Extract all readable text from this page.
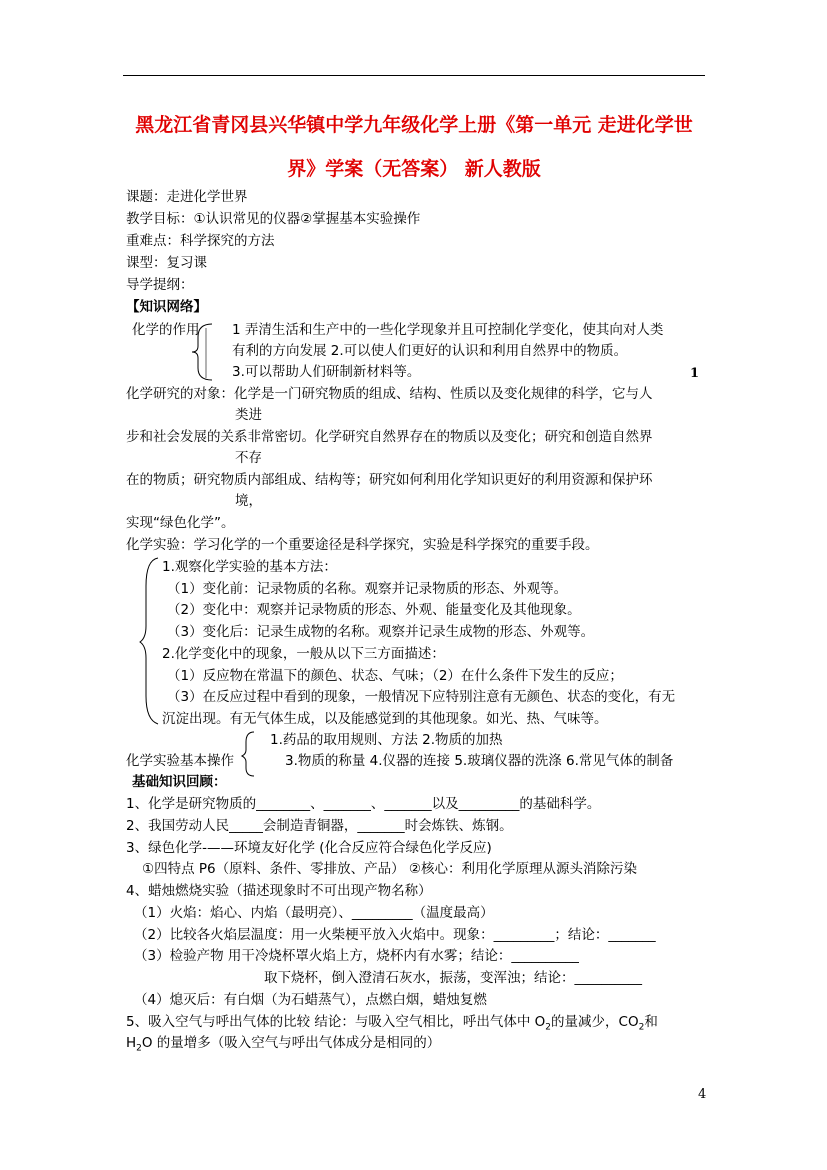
黑龙江省青冈县兴华镇中学九年级化学上册《第一单元 走进化学世
界》学案（无答案） 新人教版
课题：走进化学世界
教学目标：①认识常见的仪器②掌握基本实验操作
重难点：科学探究的方法
课型：复习课
导学提纲：
【知识网络】
化学的作用 1 弄清生活和生产中的一些化学现象并且可控制化学变化，使其向对人类
有利的方向发展 2.可以使人们更好的认识和利用自然界中的物质。
3.可以帮助人们研制新材料等。	1
化学研究的对象：化学是一门研究物质的组成、结构、性质以及变化规律的科学，它与人
类进
步和社会发展的关系非常密切。化学研究自然界存在的物质以及变化；研究和创造自然界
不存
在的物质；研究物质内部组成、结构等；研究如何利用化学知识更好的利用资源和保护环
境，
实现“绿色化学”。
化学实验：学习化学的一个重要途径是科学探究，实验是科学探究的重要手段。
1.观察化学实验的基本方法：
（1）变化前：记录物质的名称。观察并记录物质的形态、外观等。
（2）变化中：观察并记录物质的形态、外观、能量变化及其他现象。
（3）变化后：记录生成物的名称。观察并记录生成物的形态、外观等。
2.化学变化中的现象，一般从以下三方面描述：
（1）反应物在常温下的颜色、状态、气味；（2）在什么条件下发生的反应；
（3）在反应过程中看到的现象，一般情况下应特别注意有无颜色、状态的变化，有无
沉淀出现。有无气体生成，以及能感觉到的其他现象。如光、热、气味等。
化学实验基本操作
1.药品的取用规则、方法 2.物质的加热
3.物质的称量 4.仪器的连接 5.玻璃仪器的洗涤 6.常见气体的制备
基础知识回顾：
1、化学是研究物质的________、_______、_______以及_________的基础科学。
2、我国劳动人民_____会制造青铜器，_______时会炼铁、炼钢。
3、绿色化学-——环境友好化学 (化合反应符合绿色化学反应)
①四特点 P6（原料、条件、零排放、产品） ②核心：利用化学原理从源头消除污染
4、蜡烛燃烧实验（描述现象时不可出现产物名称）
（1）火焰：焰心、内焰（最明亮）、_________（温度最高）
（2）比较各火焰层温度：用一火柴梗平放入火焰中。现象：_________；结论：_______
（3）检验产物 用干冷烧杯罩火焰上方，烧杯内有水雾；结论：__________
取下烧杯，倒入澄清石灰水，振荡，变浑浊；结论：__________
（4）熄灭后：有白烟（为石蜡蒸气），点燃白烟，蜡烛复燃
5、吸入空气与呼出气体的比较 结论：与吸入空气相比，呼出气体中 $O_2$的量减少，$CO_2$和
$H_2O$ 的量增多（吸入空气与呼出气体成分是相同的）
4
